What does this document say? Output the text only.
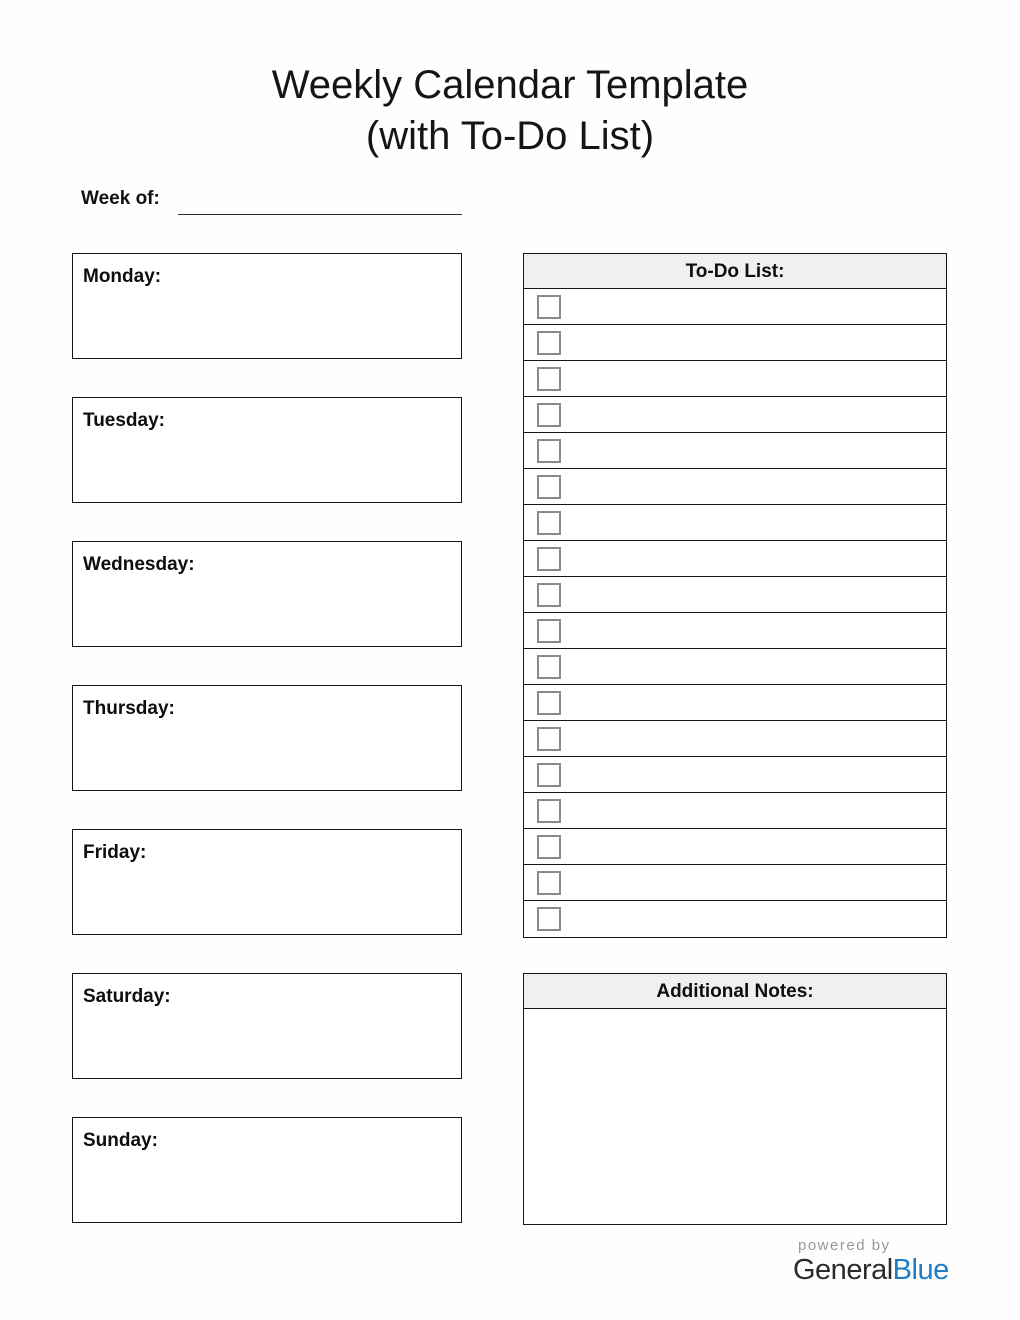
Weekly Calendar Template
(with To-Do List)
Week of:
Monday:
Tuesday:
Wednesday:
Thursday:
Friday:
Saturday:
Sunday:
To-Do List:
Additional Notes:
powered by
GeneralBlue
